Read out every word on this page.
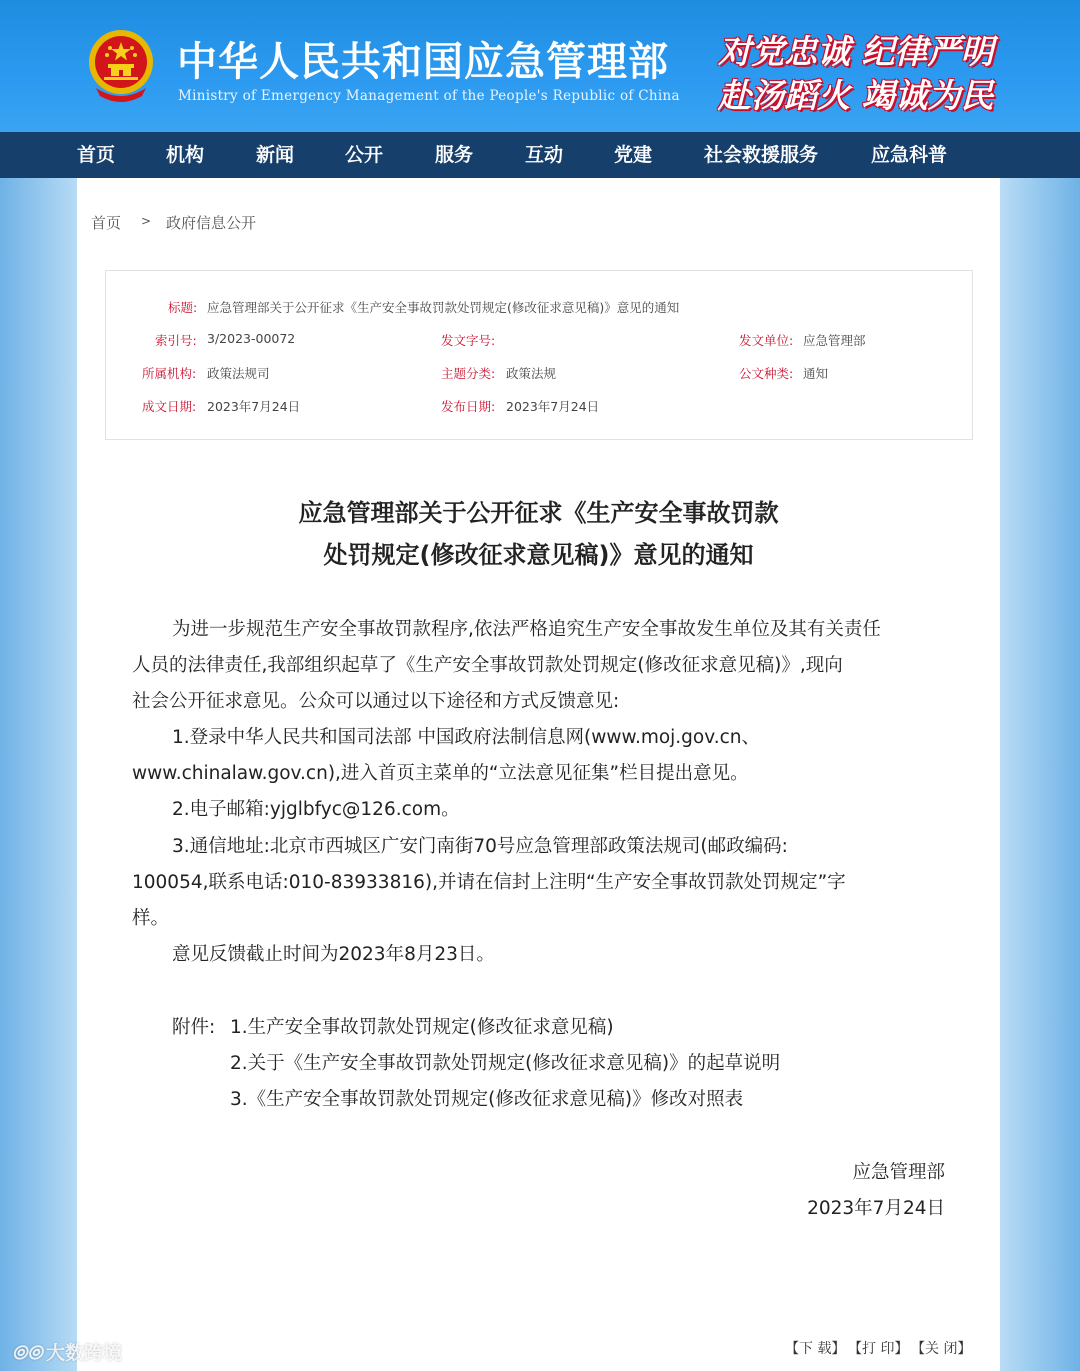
中华人民共和国应急管理部
Ministry of Emergency Management of the People's Republic of China
对党忠诚 纪律严明
赴汤蹈火 竭诚为民
首页	机构	新闻	公开	服务	互动	党建	社会救援服务	应急科普
首页 > 政府信息公开
标题: 应急管理部关于公开征求《生产安全事故罚款处罚规定(修改征求意见稿)》意见的通知
索引号: 3/2023-00072	发文字号:	发文单位: 应急管理部
所属机构: 政策法规司	主题分类: 政策法规	公文种类: 通知
成文日期: 2023年7月24日	发布日期: 2023年7月24日
应急管理部关于公开征求《生产安全事故罚款
处罚规定(修改征求意见稿)》意见的通知
为进一步规范生产安全事故罚款程序,依法严格追究生产安全事故发生单位及其有关责任
人员的法律责任,我部组织起草了《生产安全事故罚款处罚规定(修改征求意见稿)》,现向
社会公开征求意见。公众可以通过以下途径和方式反馈意见:
1.登录中华人民共和国司法部 中国政府法制信息网(www.moj.gov.cn、
www.chinalaw.gov.cn),进入首页主菜单的“立法意见征集”栏目提出意见。
2.电子邮箱:yjglbfyc@126.com。
3.通信地址:北京市西城区广安门南街70号应急管理部政策法规司(邮政编码:
100054,联系电话:010-83933816),并请在信封上注明“生产安全事故罚款处罚规定”字
样。
意见反馈截止时间为2023年8月23日。
附件: 1.生产安全事故罚款处罚规定(修改征求意见稿)
2.关于《生产安全事故罚款处罚规定(修改征求意见稿)》的起草说明
3.《生产安全事故罚款处罚规定(修改征求意见稿)》修改对照表
应急管理部
2023年7月24日
【下 载】 【打 印】 【关 闭】
⦾⦾ 大数跨境
